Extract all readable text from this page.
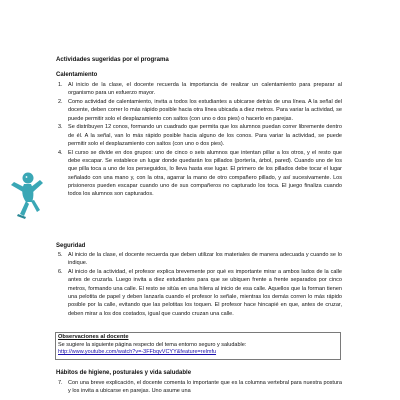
Actividades sugeridas por el programa
Calentamiento
1. Al inicio de la clase, el docente recuerda la importancia de realizar un calentamiento para preparar al organismo para un esfuerzo mayor.
2. Como actividad de calentamiento, invita a todos los estudiantes a ubicarse detrás de una línea. A la señal del docente, deben correr lo más rápido posible hacia otra línea ubicada a diez metros. Para variar la actividad, se puede permitir solo el desplazamiento con saltos (con uno o dos pies) o hacerlo en parejas.
3. Se distribuyen 12 conos, formando un cuadrado que permita que los alumnos puedan correr libremente dentro de él. A la señal, van lo más rápido posible hacia alguno de los conos. Para variar la actividad, se puede permitir solo el desplazamiento con saltos (con uno o dos pies).
4. El curso se divide en dos grupos: uno de cinco o seis alumnos que intentan pillar a los otros, y el resto que debe escapar. Se establece un lugar donde quedarán los pillados (portería, árbol, pared). Cuando uno de los que pilla toca a uno de los perseguidos, lo lleva hasta ese lugar. El primero de los pillados debe tocar el lugar señalado con una mano y, con la otra, agarrar la mano de otro compañero pillado, y así sucesivamente. Los prisioneros pueden escapar cuando uno de sus compañeros no capturado los toca. El juego finaliza cuando todos los alumnos son capturados.
Seguridad
5. Al inicio de la clase, el docente recuerda que deben utilizar los materiales de manera adecuada y cuando se lo indique.
6. Al inicio de la actividad, el profesor explica brevemente por qué es importante mirar a ambos lados de la calle antes de cruzarla. Luego invita a diez estudiantes para que se ubiquen frente a frente separados por cinco metros, formando una calle. El resto se sitúa en una hilera al inicio de esa calle. Aquellos que la forman tienen una pelotita de papel y deben lanzarla cuando el profesor lo señale, mientras los demás corren lo más rápido posible por la calle, evitando que las pelotitas los toquen. El profesor hace hincapié en que, antes de cruzar, deben mirar a los dos costados, igual que cuando cruzan una calle.
Observaciones al docente
Se sugiere la siguiente página respecto del tema entorno seguro y saludable:
http://www.youtube.com/watch?v=-3FFbqvVCYY&feature=relmfu
Hábitos de higiene, posturales y vida saludable
7. Con una breve explicación, el docente comenta lo importante que es la columna vertebral para nuestra postura y los invita a ubicarse en parejas. Uno asume una
